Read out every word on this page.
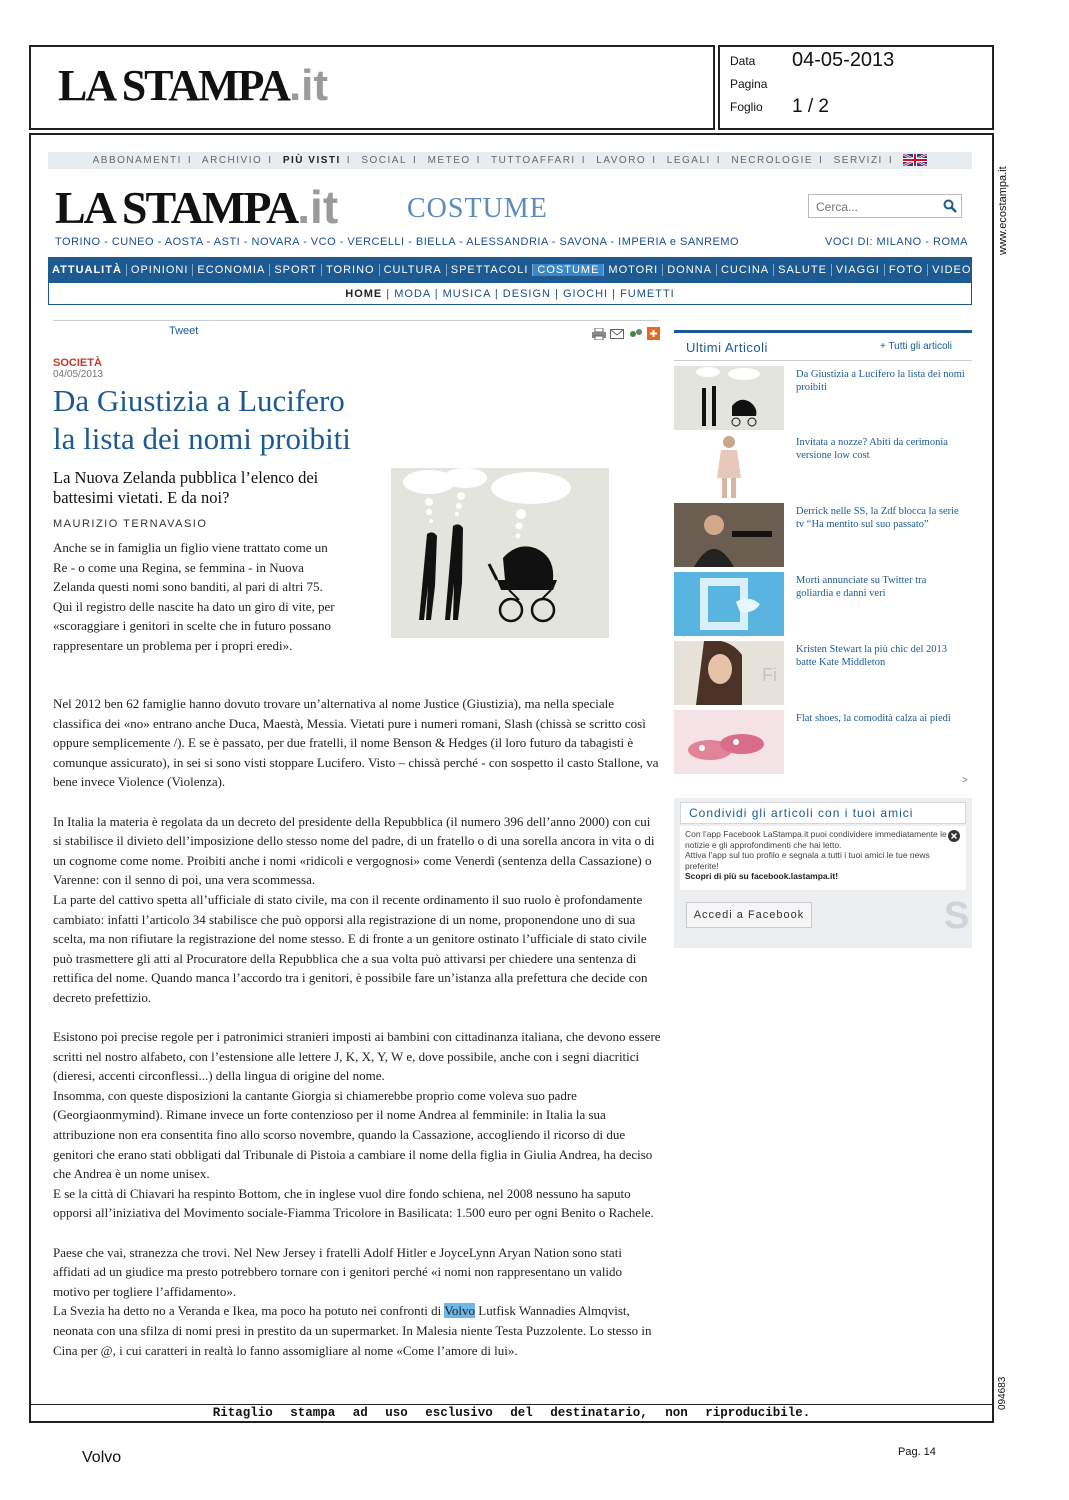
LA STAMPA.it	Data 04-05-2013
Pagina
Foglio 1 / 2
www.ecostampa.it
094683
ABBONAMENTI I ARCHIVIO I PIÙ VISTI I SOCIAL I METEO I TUTTOAFFARI I LAVORO I LEGALI I NECROLOGIE I SERVIZI I
LA STAMPA.it COSTUME
Cerca...
TORINO - CUNEO - AOSTA - ASTI - NOVARA - VCO - VERCELLI - BIELLA - ALESSANDRIA - SAVONA - IMPERIA e SANREMO	VOCI DI: MILANO - ROMA
ATTUALITÀ OPINIONI ECONOMIA SPORT TORINO CULTURA SPETTACOLI COSTUME MOTORI DONNA CUCINA SALUTE VIAGGI FOTO VIDEO
HOME | MODA | MUSICA | DESIGN | GIOCHI | FUMETTI
Tweet

SOCIETÀ
04/05/2013
Da Giustizia a Lucifero
la lista dei nomi proibiti
La Nuova Zelanda pubblica l’elenco dei battesimi vietati. E da noi?
MAURIZIO TERNAVASIO
Anche se in famiglia un figlio viene trattato come un Re - o come una Regina, se femmina - in Nuova Zelanda questi nomi sono banditi, al pari di altri 75. Qui il registro delle nascite ha dato un giro di vite, per «scoraggiare i genitori in scelte che in futuro possano rappresentare un problema per i propri eredi».

Nel 2012 ben 62 famiglie hanno dovuto trovare un’alternativa al nome Justice (Giustizia), ma nella speciale classifica dei «no» entrano anche Duca, Maestà, Messia. Vietati pure i numeri romani, Slash (chissà se scritto così oppure semplicemente /). E se è passato, per due fratelli, il nome Benson & Hedges (il loro futuro da tabagisti è comunque assicurato), in sei si sono visti stoppare Lucifero. Visto – chissà perché - con sospetto il casto Stallone, va bene invece Violence (Violenza).

In Italia la materia è regolata da un decreto del presidente della Repubblica (il numero 396 dell’anno 2000) con cui si stabilisce il divieto dell’imposizione dello stesso nome del padre, di un fratello o di una sorella ancora in vita o di un cognome come nome. Proibiti anche i nomi «ridicoli e vergognosi» come Venerdì (sentenza della Cassazione) o Varenne: con il senno di poi, una vera scommessa.

La parte del cattivo spetta all’ufficiale di stato civile, ma con il recente ordinamento il suo ruolo è profondamente cambiato: infatti l’articolo 34 stabilisce che può opporsi alla registrazione di un nome, proponendone uno di sua scelta, ma non rifiutare la registrazione del nome stesso. E di fronte a un genitore ostinato l’ufficiale di stato civile può trasmettere gli atti al Procuratore della Repubblica che a sua volta può attivarsi per chiedere una sentenza di rettifica del nome. Quando manca l’accordo tra i genitori, è possibile fare un’istanza alla prefettura che decide con decreto prefettizio.

Esistono poi precise regole per i patronimici stranieri imposti ai bambini con cittadinanza italiana, che devono essere scritti nel nostro alfabeto, con l’estensione alle lettere J, K, X, Y, W e, dove possibile, anche con i segni diacritici (dieresi, accenti circonflessi...) della lingua di origine del nome.
Insomma, con queste disposizioni la cantante Giorgia si chiamerebbe proprio come voleva suo padre (Georgiaonmymind). Rimane invece un forte contenzioso per il nome Andrea al femminile: in Italia la sua attribuzione non era consentita fino allo scorso novembre, quando la Cassazione, accogliendo il ricorso di due genitori che erano stati obbligati dal Tribunale di Pistoia a cambiare il nome della figlia in Giulia Andrea, ha deciso che Andrea è un nome unisex.

E se la città di Chiavari ha respinto Bottom, che in inglese vuol dire fondo schiena, nel 2008 nessuno ha saputo opporsi all’iniziativa del Movimento sociale-Fiamma Tricolore in Basilicata: 1.500 euro per ogni Benito o Rachele.

Paese che vai, stranezza che trovi. Nel New Jersey i fratelli Adolf Hitler e JoyceLynn Aryan Nation sono stati affidati ad un giudice ma presto potrebbero tornare con i genitori perché «i nomi non rappresentano un valido motivo per togliere l’affidamento».
La Svezia ha detto no a Veranda e Ikea, ma poco ha potuto nei confronti di Volvo Lutfisk Wannadies Almqvist, neonata con una sfilza di nomi presi in prestito da un supermarket. In Malesia niente Testa Puzzolente. Lo stesso in Cina per @, i cui caratteri in realtà lo fanno assomigliare al nome «Come l’amore di lui».
Ultimi Articoli	+ Tutti gli articoli
Da Giustizia a Lucifero la lista dei nomi proibiti
Invitata a nozze? Abiti da cerimonia versione low cost
Derrick nelle SS, la Zdf blocca la serie tv “Ha mentito sul suo passato”
Morti annunciate su Twitter tra goliardia e danni veri
Fi
Kristen Stewart la più chic del 2013 batte Kate Middleton
Flat shoes, la comodità calza ai piedi
>
Condividi gli articoli con i tuoi amici
Con l’app Facebook LaStampa.it puoi condividere immediatamente le notizie e gli approfondimenti che hai letto.
Attiva l’app sul tuo profilo e segnala a tutti i tuoi amici le tue news preferite!
Scopri di più su facebook.lastampa.it!
Accedi a Facebook	S
Ritaglio stampa ad uso esclusivo del destinatario, non riproducibile.
Volvo	Pag. 14
